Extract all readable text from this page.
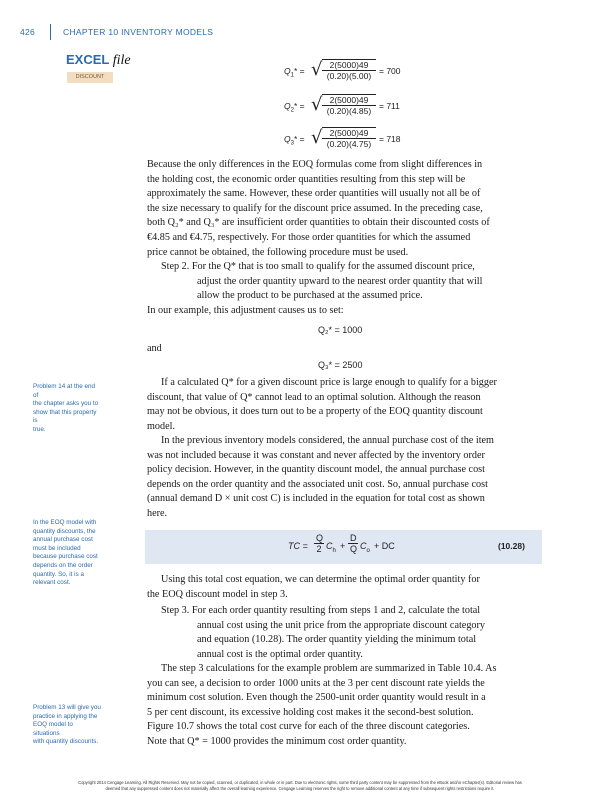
426	CHAPTER 10 INVENTORY MODELS
EXCEL file
DISCOUNT
$Q_1*$ = √ $\frac{2(5000)49}{(0.20)(5.00)} = 700$
$Q_2*$ = √ $\frac{2(5000)49}{(0.20)(4.85)} = 711$
$Q_3*$ = √ $\frac{2(5000)49}{(0.20)(4.75)} = 718$
Because the only differences in the EOQ formulas come from slight differences in
the holding cost, the economic order quantities resulting from this step will be
approximately the same. However, these order quantities will usually not all be of
the size necessary to qualify for the discount price assumed. In the preceding case,
both Q₂* and Q₃* are insufficient order quantities to obtain their discounted costs of
€4.85 and €4.75, respectively. For those order quantities for which the assumed
price cannot be obtained, the following procedure must be used.
Step 2. For the Q* that is too small to qualify for the assumed discount price,
adjust the order quantity upward to the nearest order quantity that will
allow the product to be purchased at the assumed price.
In our example, this adjustment causes us to set:
Q₂* = 1000
and
Q₃* = 2500
If a calculated Q* for a given discount price is large enough to qualify for a bigger
discount, that value of Q* cannot lead to an optimal solution. Although the reason
may not be obvious, it does turn out to be a property of the EOQ quantity discount
model.
In the previous inventory models considered, the annual purchase cost of the item
was not included because it was constant and never affected by the inventory order
policy decision. However, in the quantity discount model, the annual purchase cost
depends on the order quantity and the associated unit cost. So, annual purchase cost
(annual demand D × unit cost C) is included in the equation for total cost as shown
here.
TC = $\frac{Q}{2} C_h + \frac{D}{Q} C_o$ + DC	(10.28)
Using this total cost equation, we can determine the optimal order quantity for
the EOQ discount model in step 3.
Step 3. For each order quantity resulting from steps 1 and 2, calculate the total
annual cost using the unit price from the appropriate discount category
and equation (10.28). The order quantity yielding the minimum total
annual cost is the optimal order quantity.
The step 3 calculations for the example problem are summarized in Table 10.4. As
you can see, a decision to order 1000 units at the 3 per cent discount rate yields the
minimum cost solution. Even though the 2500-unit order quantity would result in a
5 per cent discount, its excessive holding cost makes it the second-best solution.
Figure 10.7 shows the total cost curve for each of the three discount categories.
Note that Q* = 1000 provides the minimum cost order quantity.
Problem 14 at the end of
the chapter asks you to
show that this property is
true.
In the EOQ model with
quantity discounts, the
annual purchase cost
must be included
because purchase cost
depends on the order
quantity. So, it is a
relevant cost.
Problem 13 will give you
practice in applying the
EOQ model to situations
with quantity discounts.
Copyright 2014 Cengage Learning. All Rights Reserved. May not be copied, scanned, or duplicated, in whole or in part. Due to electronic rights, some third party content may be suppressed from the eBook and/or eChapter(s). Editorial review has
deemed that any suppressed content does not materially affect the overall learning experience. Cengage Learning reserves the right to remove additional content at any time if subsequent rights restrictions require it.
